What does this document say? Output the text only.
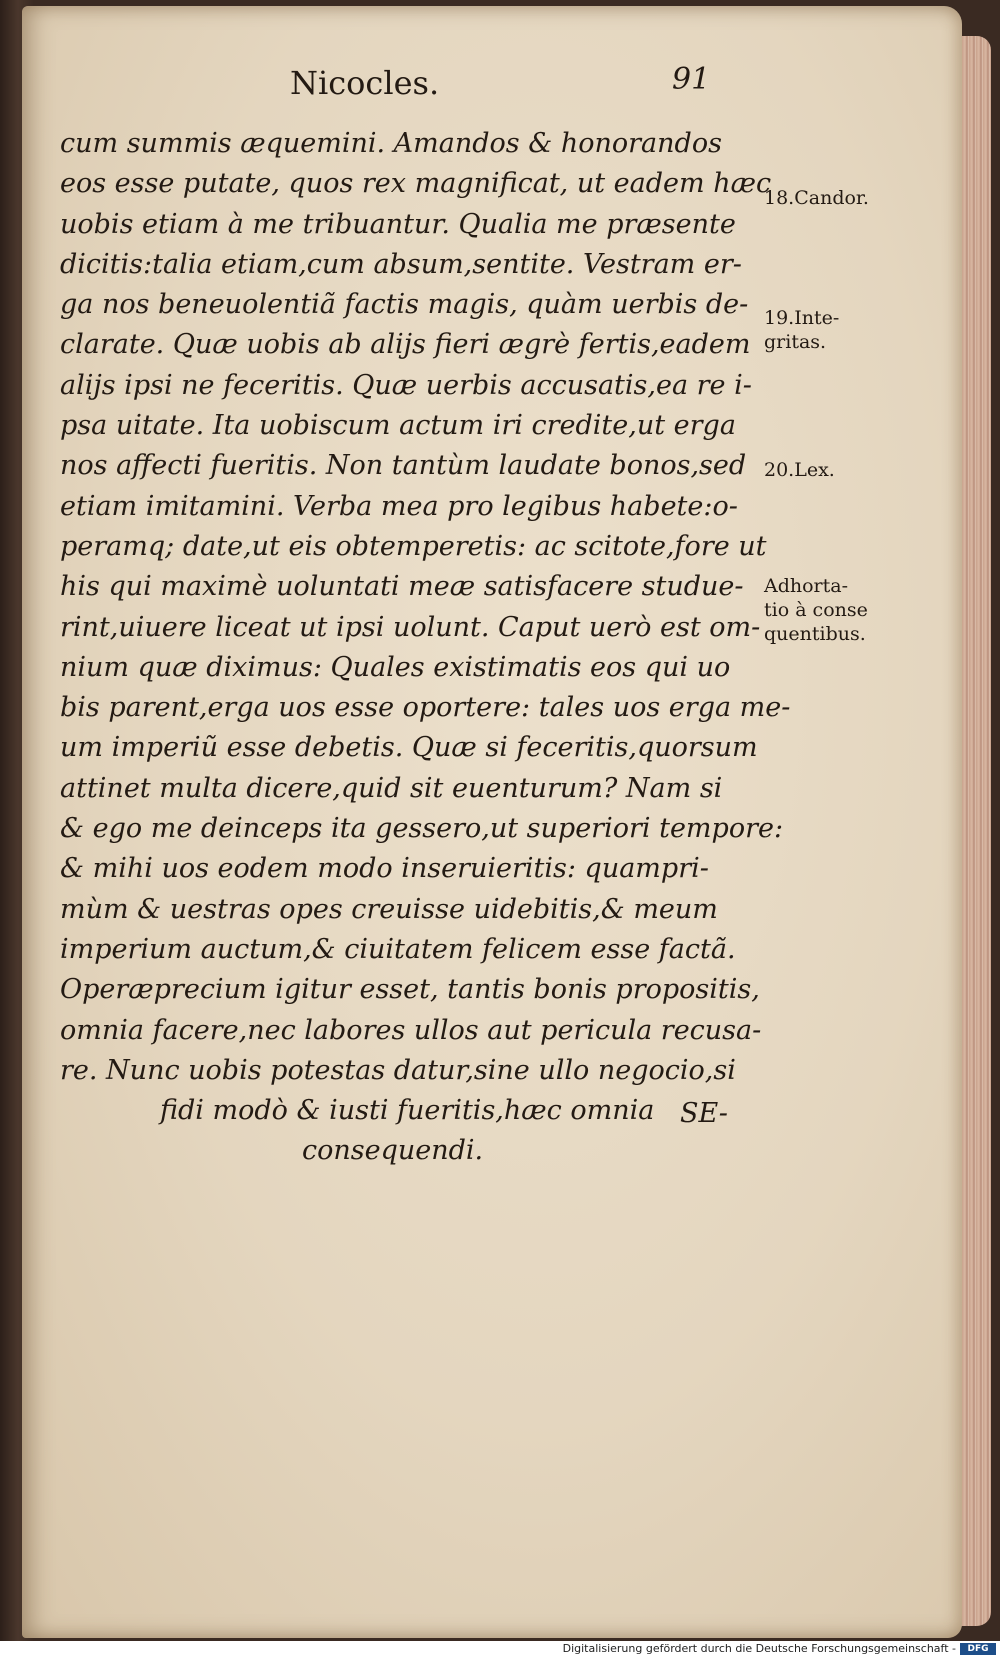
Nicocles.	91
cum summis æquemini. Amandos & honorandos
eos esse putate, quos rex magnificat, ut eadem hæc
uobis etiam à me tribuantur. Qualia me præsente
dicitis:talia etiam,cum absum,sentite. Vestram er-
ga nos beneuolentiã factis magis, quàm uerbis de-
clarate. Quæ uobis ab alijs fieri ægrè fertis,eadem
alijs ipsi ne feceritis. Quæ uerbis accusatis,ea re i-
psa uitate. Ita uobiscum actum iri credite,ut erga
nos affecti fueritis. Non tantùm laudate bonos,sed
etiam imitamini. Verba mea pro legibus habete:o-
peramq; date,ut eis obtemperetis: ac scitote,fore ut
his qui maximè uoluntati meæ satisfacere studue-
rint,uiuere liceat ut ipsi uolunt. Caput uerò est om-
nium quæ diximus: Quales existimatis eos qui uo
bis parent,erga uos esse oportere: tales uos erga me-
um imperiũ esse debetis. Quæ si feceritis,quorsum
attinet multa dicere,quid sit euenturum? Nam si
& ego me deinceps ita gessero,ut superiori tempore:
& mihi uos eodem modo inseruieritis: quampri-
mùm & uestras opes creuisse uidebitis,& meum
imperium auctum,& ciuitatem felicem esse factã.
Operæprecium igitur esset, tantis bonis propositis,
omnia facere,nec labores ullos aut pericula recusa-
re. Nunc uobis potestas datur,sine ullo negocio,si
fidi modò & iusti fueritis,hæc omnia
consequendi.
18.Candor.
19.Inte-
gritas.
20.Lex.
Adhorta-
tio à conse
quentibus.
SE-
Digitalisierung gefördert durch die Deutsche Forschungsgemeinschaft -	DFG
